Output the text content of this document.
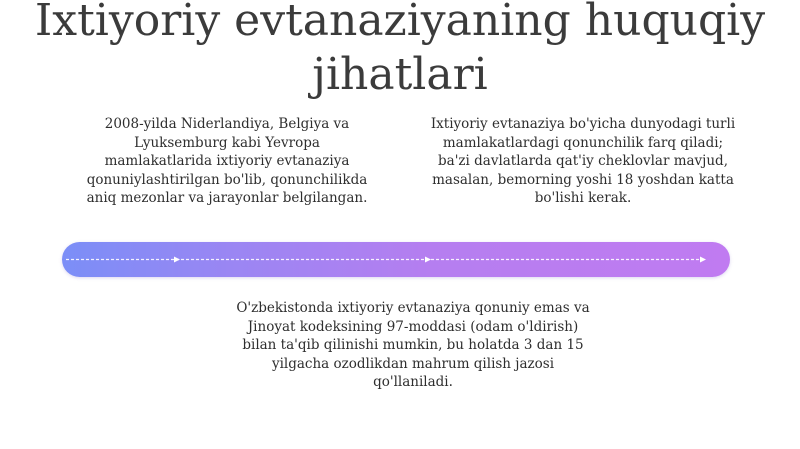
Ixtiyoriy evtanaziyaning huquqiy jihatlari
2008-yilda Niderlandiya, Belgiya va Lyuksemburg kabi Yevropa mamlakatlarida ixtiyoriy evtanaziya qonuniylashtirilgan bo'lib, qonunchilikda aniq mezonlar va jarayonlar belgilangan.
Ixtiyoriy evtanaziya bo'yicha dunyodagi turli mamlakatlardagi qonunchilik farq qiladi; ba'zi davlatlarda qat'iy cheklovlar mavjud, masalan, bemorning yoshi 18 yoshdan katta bo'lishi kerak.
O'zbekistonda ixtiyoriy evtanaziya qonuniy emas va Jinoyat kodeksining 97-moddasi (odam o'ldirish) bilan ta'qib qilinishi mumkin, bu holatda 3 dan 15 yilgacha ozodlikdan mahrum qilish jazosi qo'llaniladi.
